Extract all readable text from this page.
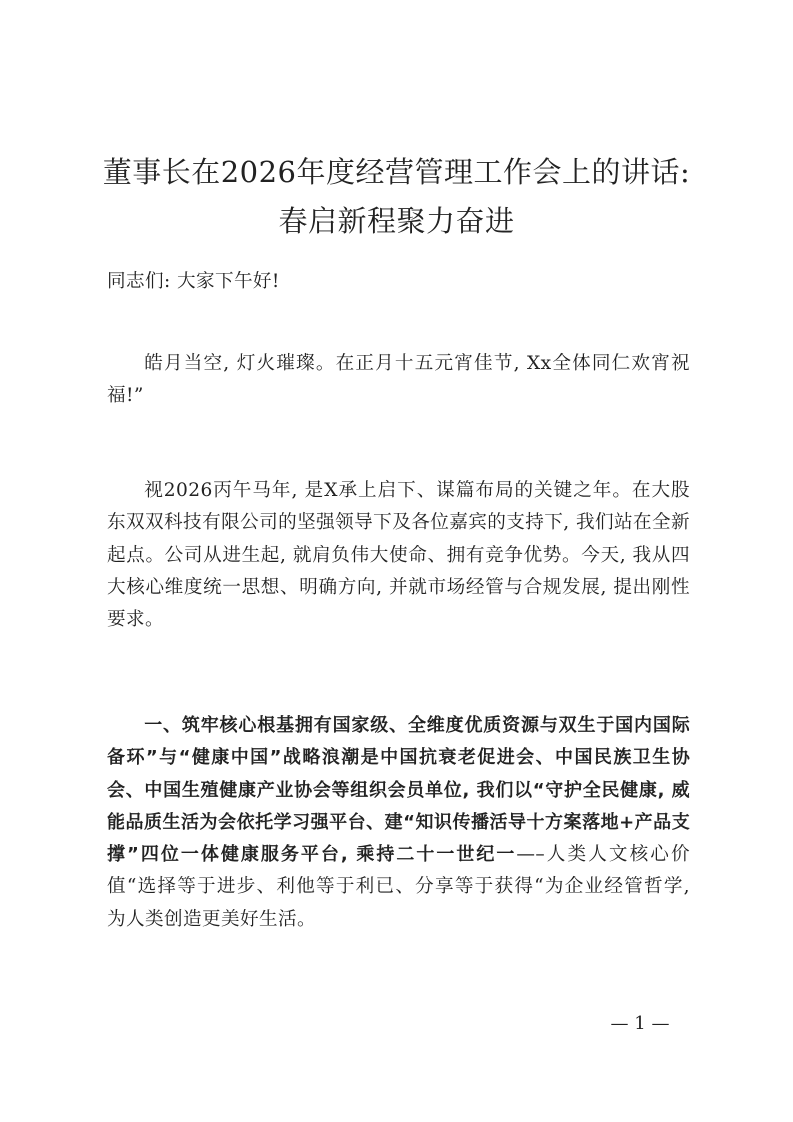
董事长在2026年度经营管理工作会上的讲话:
春启新程聚力奋进

同志们: 大家下午好!

皓月当空, 灯火璀璨。在正月十五元宵佳节, Xx全体同仁欢宵祝福!”

视2026丙午马年, 是X承上启下、谋篇布局的关键之年。在大股东双双科技有限公司的坚强领导下及各位嘉宾的支持下, 我们站在全新起点。公司从进生起, 就肩负伟大使命、拥有竞争优势。今天, 我从四大核心维度统一思想、明确方向, 并就市场经管与合规发展, 提出刚性要求。

一、筑牢核心根基拥有国家级、全维度优质资源与双生于国内国际备环”与“健康中国”战略浪潮是中国抗衰老促进会、中国民族卫生协会、中国生殖健康产业协会等组织会员单位, 我们以“守护全民健康, 威能品质生活为会依托学习强平台、建“知识传播活导十方案落地+产品支撑”四位一体健康服务平台, 乘持二十一世纪一—–人类人文核心价值“选择等于进步、利他等于利已、分享等于获得“为企业经管哲学, 为人类创造更美好生活。

— 1 —
